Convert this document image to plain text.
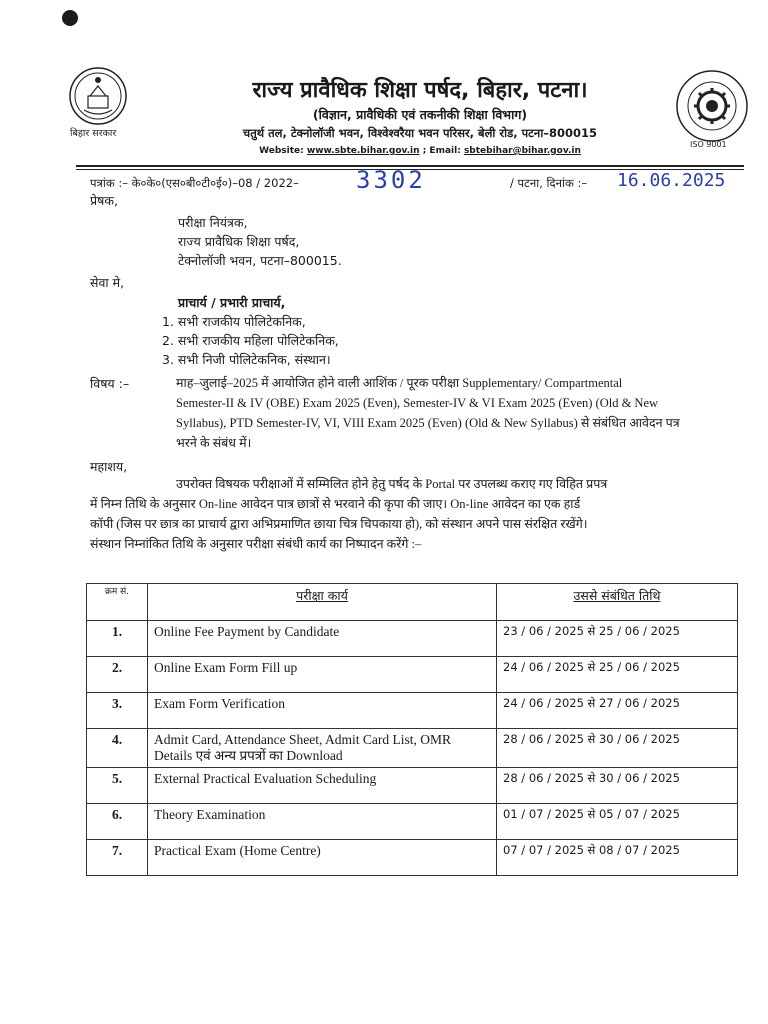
बिहार सरकार
राज्य प्रावैधिक शिक्षा पर्षद, बिहार, पटना।
(विज्ञान, प्रावैधिकी एवं तकनीकी शिक्षा विभाग)
चतुर्थ तल, टेक्नोलॉजी भवन, विश्वेश्वरैया भवन परिसर, बेली रोड, पटना–800015
Website: www.sbte.bihar.gov.in ; Email: sbtebihar@bihar.gov.in
ISO 9001
पत्रांक :– के०के०(एस०बी०टी०ई०)–08 / 2022– 3302	/ पटना, दिनांक :– 16.06.2025
प्रेषक,
परीक्षा नियंत्रक,
राज्य प्रावैधिक शिक्षा पर्षद,
टेक्नोलॉजी भवन, पटना–800015.
सेवा मे,
प्राचार्य / प्रभारी प्राचार्य,
1. सभी राजकीय पोलिटेकनिक,
2. सभी राजकीय महिला पोलिटेकनिक,
3. सभी निजी पोलिटेकनिक, संस्थान।
विषय :–	माह–जुलाई–2025 में आयोजित होने वाली आशिंक / पूरक परीक्षा Supplementary/ Compartmental
Semester-II & IV (OBE) Exam 2025 (Even), Semester-IV & VI Exam 2025 (Even) (Old & New
Syllabus), PTD Semester-IV, VI, VIII Exam 2025 (Even) (Old & New Syllabus) से संबंधित आवेदन पत्र
भरने के संबंध में।
महाशय,
उपरोक्त विषयक परीक्षाओं में सम्मिलित होने हेतु पर्षद के Portal पर उपलब्ध कराए गए विहित प्रपत्र
में निम्न तिथि के अनुसार On-line आवेदन पात्र छात्रों से भरवाने की कृपा की जाए। On-line आवेदन का एक हार्ड
कॉपी (जिस पर छात्र का प्राचार्य द्वारा अभिप्रमाणित छाया चित्र चिपकाया हो), को संस्थान अपने पास संरक्षित रखेंगे।
संस्थान निम्नांकित तिथि के अनुसार परीक्षा संबंधी कार्य का निष्पादन करेंगे :–
क्रम सं.	परीक्षा कार्य	उससे संबंधित तिथि
1.	Online Fee Payment by Candidate	23 / 06 / 2025 से 25 / 06 / 2025
2.	Online Exam Form Fill up	24 / 06 / 2025 से 25 / 06 / 2025
3.	Exam Form Verification	24 / 06 / 2025 से 27 / 06 / 2025
4.	Admit Card, Attendance Sheet, Admit Card List, OMR Details एवं अन्य प्रपत्रों का Download	28 / 06 / 2025 से 30 / 06 / 2025
5.	External Practical Evaluation Scheduling	28 / 06 / 2025 से 30 / 06 / 2025
6.	Theory Examination	01 / 07 / 2025 से 05 / 07 / 2025
7.	Practical Exam (Home Centre)	07 / 07 / 2025 से 08 / 07 / 2025
